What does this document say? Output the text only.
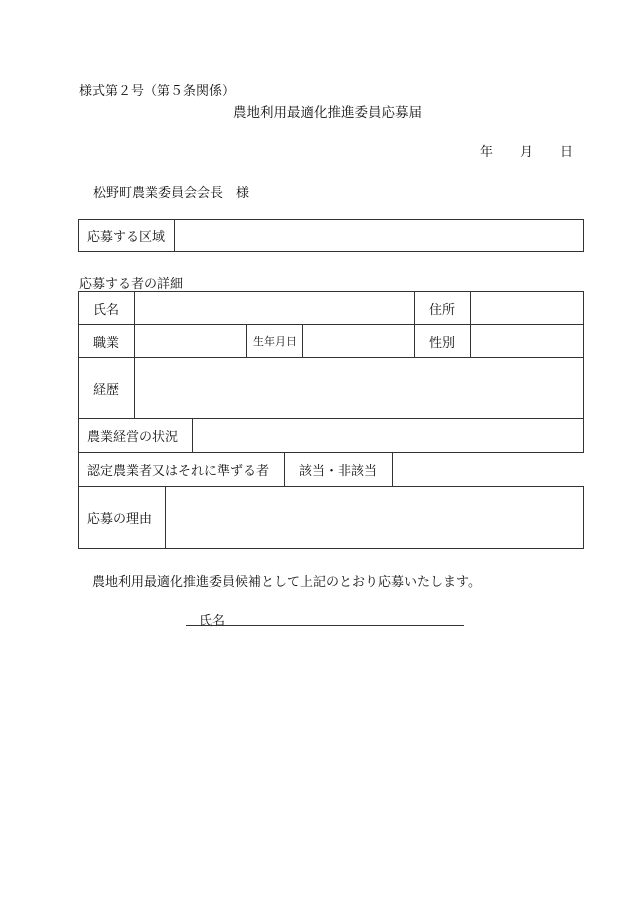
様式第２号（第５条関係）
農地利用最適化推進委員応募届
年 月 日
松野町農業委員会会長　様
応募する区域	
応募する者の詳細
氏名				住所	
職業		生年月日		性別	
経歴					
農業経営の状況	
認定農業者又はそれに準ずる者	該当・非該当	
応募の理由	
農地利用最適化推進委員候補として上記のとおり応募いたします。
氏名
